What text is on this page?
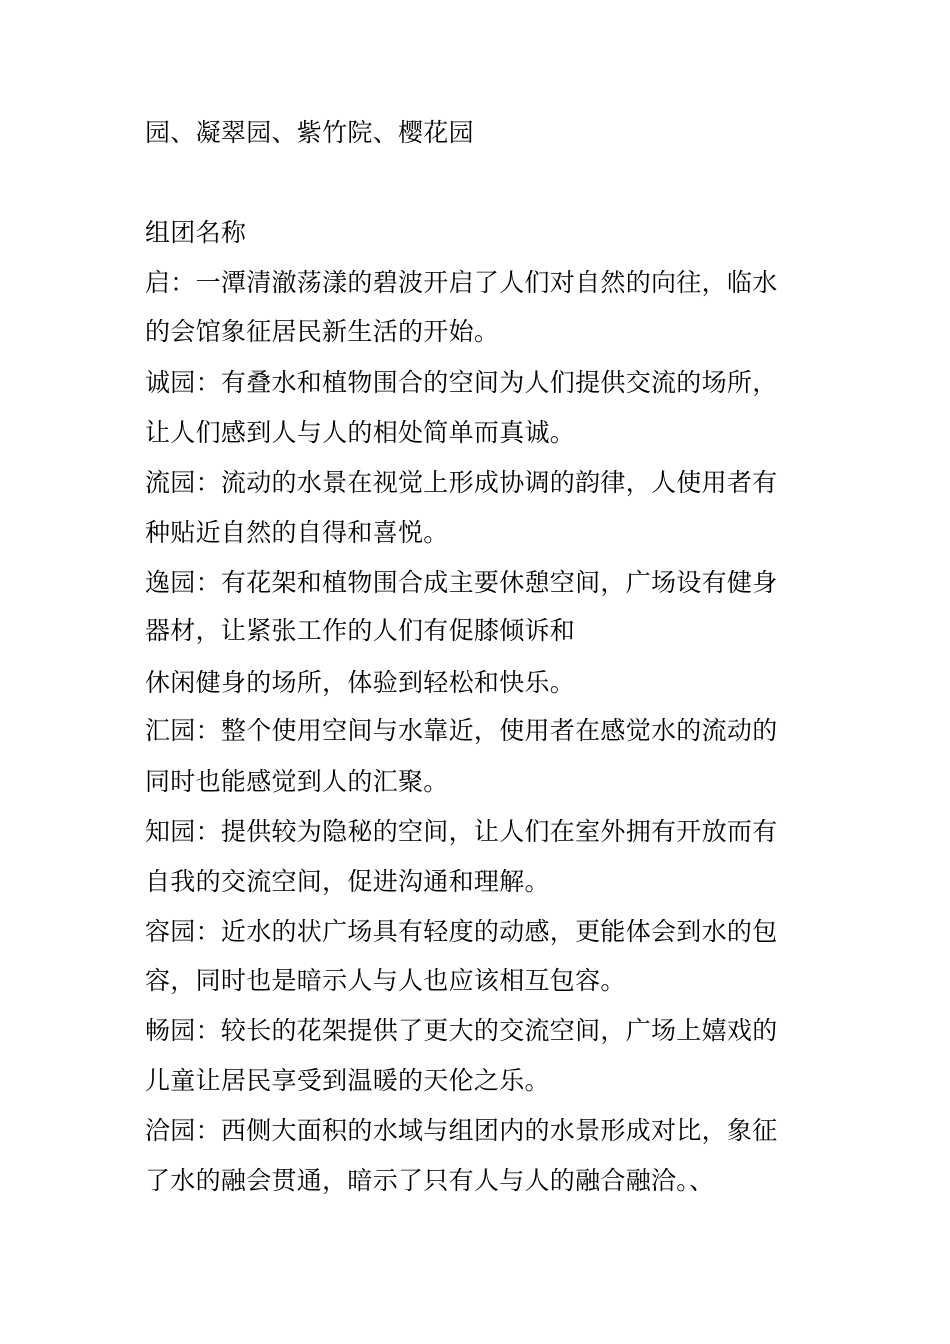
园、凝翠园、紫竹院、樱花园
组团名称
启：一潭清澈荡漾的碧波开启了人们对自然的向往，临水
的会馆象征居民新生活的开始。
诚园：有叠水和植物围合的空间为人们提供交流的场所，
让人们感到人与人的相处简单而真诚。
流园：流动的水景在视觉上形成协调的韵律，人使用者有
种贴近自然的自得和喜悦。
逸园：有花架和植物围合成主要休憩空间，广场设有健身
器材，让紧张工作的人们有促膝倾诉和
休闲健身的场所，体验到轻松和快乐。
汇园：整个使用空间与水靠近，使用者在感觉水的流动的
同时也能感觉到人的汇聚。
知园：提供较为隐秘的空间，让人们在室外拥有开放而有
自我的交流空间，促进沟通和理解。
容园：近水的状广场具有轻度的动感，更能体会到水的包
容，同时也是暗示人与人也应该相互包容。
畅园：较长的花架提供了更大的交流空间，广场上嬉戏的
儿童让居民享受到温暖的天伦之乐。
洽园：西侧大面积的水域与组团内的水景形成对比，象征
了水的融会贯通，暗示了只有人与人的融合融洽。、
